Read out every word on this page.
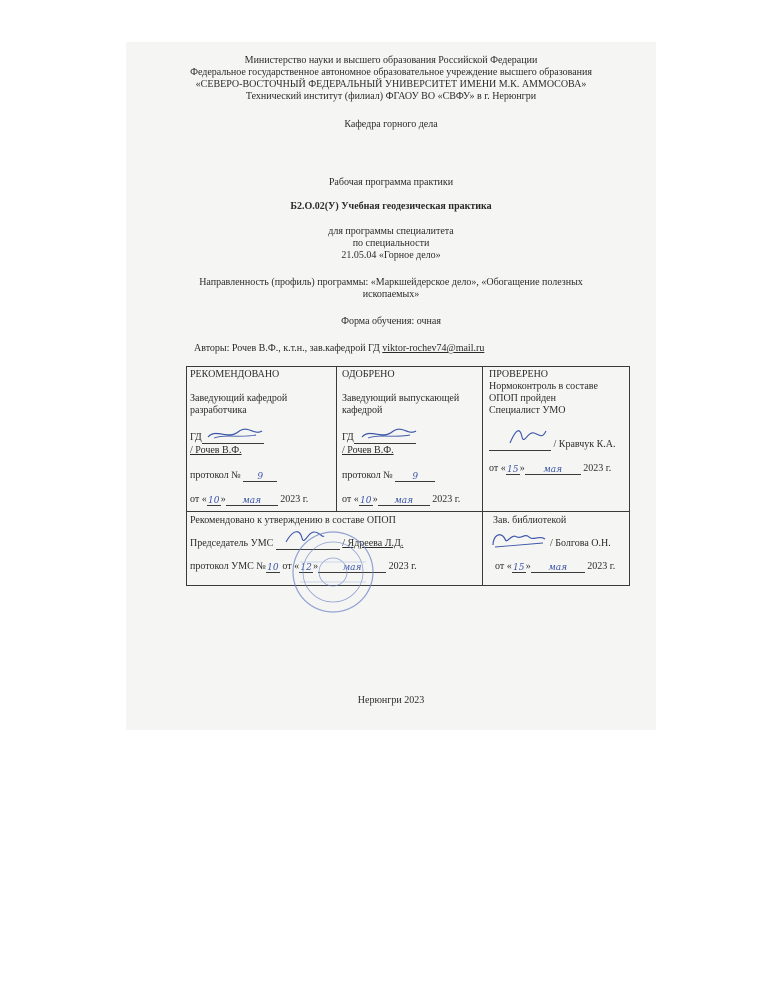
Министерство науки и высшего образования Российской Федерации
Федеральное государственное автономное образовательное учреждение высшего образования
«СЕВЕРО-ВОСТОЧНЫЙ ФЕДЕРАЛЬНЫЙ УНИВЕРСИТЕТ ИМЕНИ М.К. АММОСОВА»
Технический институт (филиал) ФГАОУ ВО «СВФУ» в г. Нерюнгри
Кафедра горного дела
Рабочая программа практики
Б2.О.02(У) Учебная геодезическая практика
для программы специалитета
по специальности
21.05.04 «Горное дело»
Направленность (профиль) программы: «Маркшейдерское дело», «Обогащение полезных
ископаемых»
Форма обучения: очная
Авторы: Рочев В.Ф., к.т.н., зав.кафедрой ГД viktor-rochev74@mail.ru
РЕКОМЕНДОВАНО
Заведующий кафедрой
разработчика
ГД
/ Рочев В.Ф.
протокол № 9
от «10» мая 2023 г.
ОДОБРЕНО
Заведующий выпускающей
кафедрой
ГД
/ Рочев В.Ф.
протокол № 9
от «10» мая 2023 г.
ПРОВЕРЕНО
Нормоконтроль в составе
ОПОП пройден
Специалист УМО
/ Кравчук К.А.
от «15» мая 2023 г.
Рекомендовано к утверждению в составе ОПОП
Председатель УМС	/ Ядреева Л.Д.
протокол УМС №10 от «12»	мая	2023 г.
Зав. библиотекой
/ Болгова О.Н.
от «15» мая 2023 г.
Нерюнгри 2023
